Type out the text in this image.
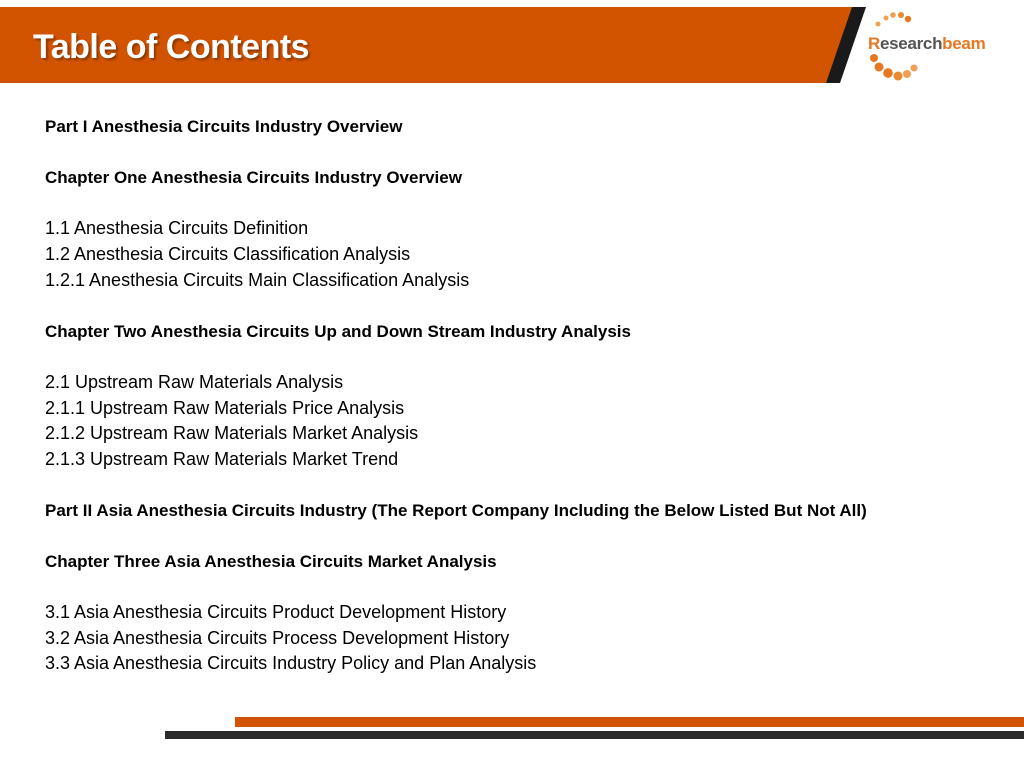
Table of Contents	Researchbeam
Part I Anesthesia Circuits Industry Overview
Chapter One Anesthesia Circuits Industry Overview
1.1 Anesthesia Circuits Definition
1.2 Anesthesia Circuits Classification Analysis
1.2.1 Anesthesia Circuits Main Classification Analysis
Chapter Two Anesthesia Circuits Up and Down Stream Industry Analysis
2.1 Upstream Raw Materials Analysis
2.1.1 Upstream Raw Materials Price Analysis
2.1.2 Upstream Raw Materials Market Analysis
2.1.3 Upstream Raw Materials Market Trend
Part II Asia Anesthesia Circuits Industry (The Report Company Including the Below Listed But Not All)
Chapter Three Asia Anesthesia Circuits Market Analysis
3.1 Asia Anesthesia Circuits Product Development History
3.2 Asia Anesthesia Circuits Process Development History
3.3 Asia Anesthesia Circuits Industry Policy and Plan Analysis
